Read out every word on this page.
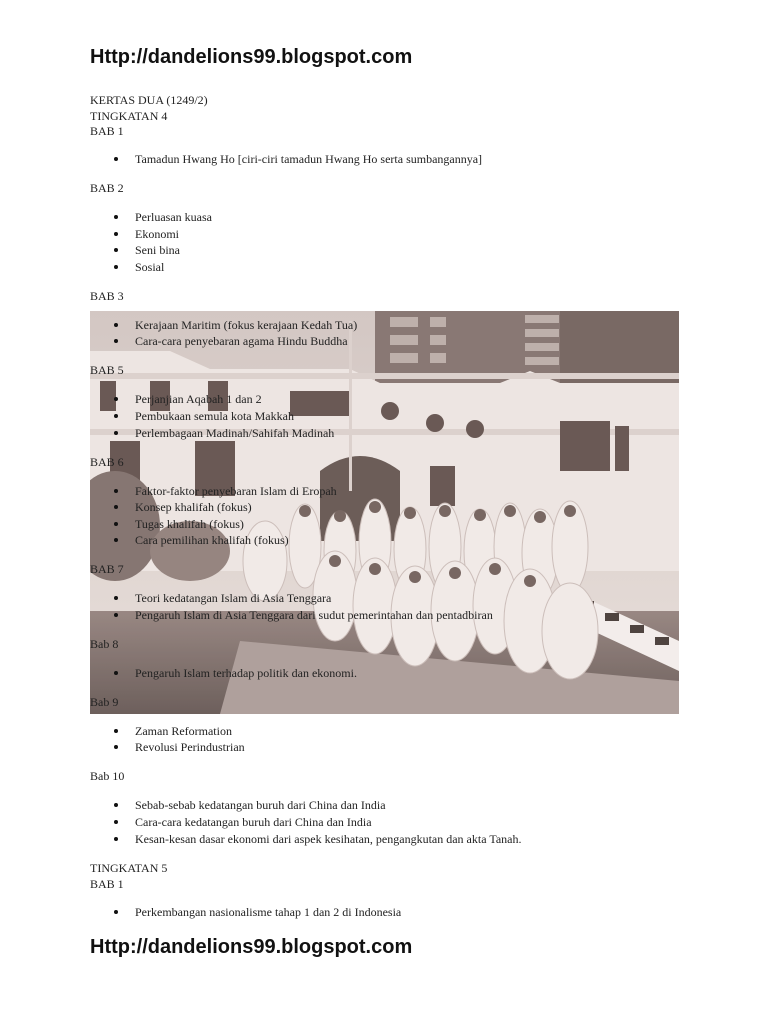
Http://dandelions99.blogspot.com
KERTAS DUA (1249/2)
TINGKATAN 4
BAB 1
Tamadun Hwang Ho [ciri-ciri tamadun Hwang Ho serta sumbangannya]
BAB 2
Perluasan kuasa
Ekonomi
Seni bina
Sosial
BAB 3
Kerajaan Maritim (fokus kerajaan Kedah Tua)
Cara-cara penyebaran agama Hindu Buddha
BAB 5
Perjanjian Aqabah 1 dan 2
Pembukaan semula kota Makkah
Perlembagaan Madinah/Sahifah Madinah
BAB 6
Faktor-faktor penyebaran Islam di Eropah
Konsep khalifah (fokus)
Tugas khalifah (fokus)
Cara pemilihan khalifah (fokus)
BAB 7
Teori kedatangan Islam di Asia Tenggara
Pengaruh Islam di Asia Tenggara dari sudut pemerintahan dan pentadbiran
Bab 8
Pengaruh Islam terhadap politik dan ekonomi.
Bab 9
Zaman Reformation
Revolusi Perindustrian
Bab 10
Sebab-sebab kedatangan buruh dari China dan India
Cara-cara kedatangan buruh dari China dan India
Kesan-kesan dasar ekonomi dari aspek kesihatan, pengangkutan dan akta Tanah.
TINGKATAN 5
BAB 1
Perkembangan nasionalisme tahap 1 dan 2 di Indonesia
Http://dandelions99.blogspot.com
